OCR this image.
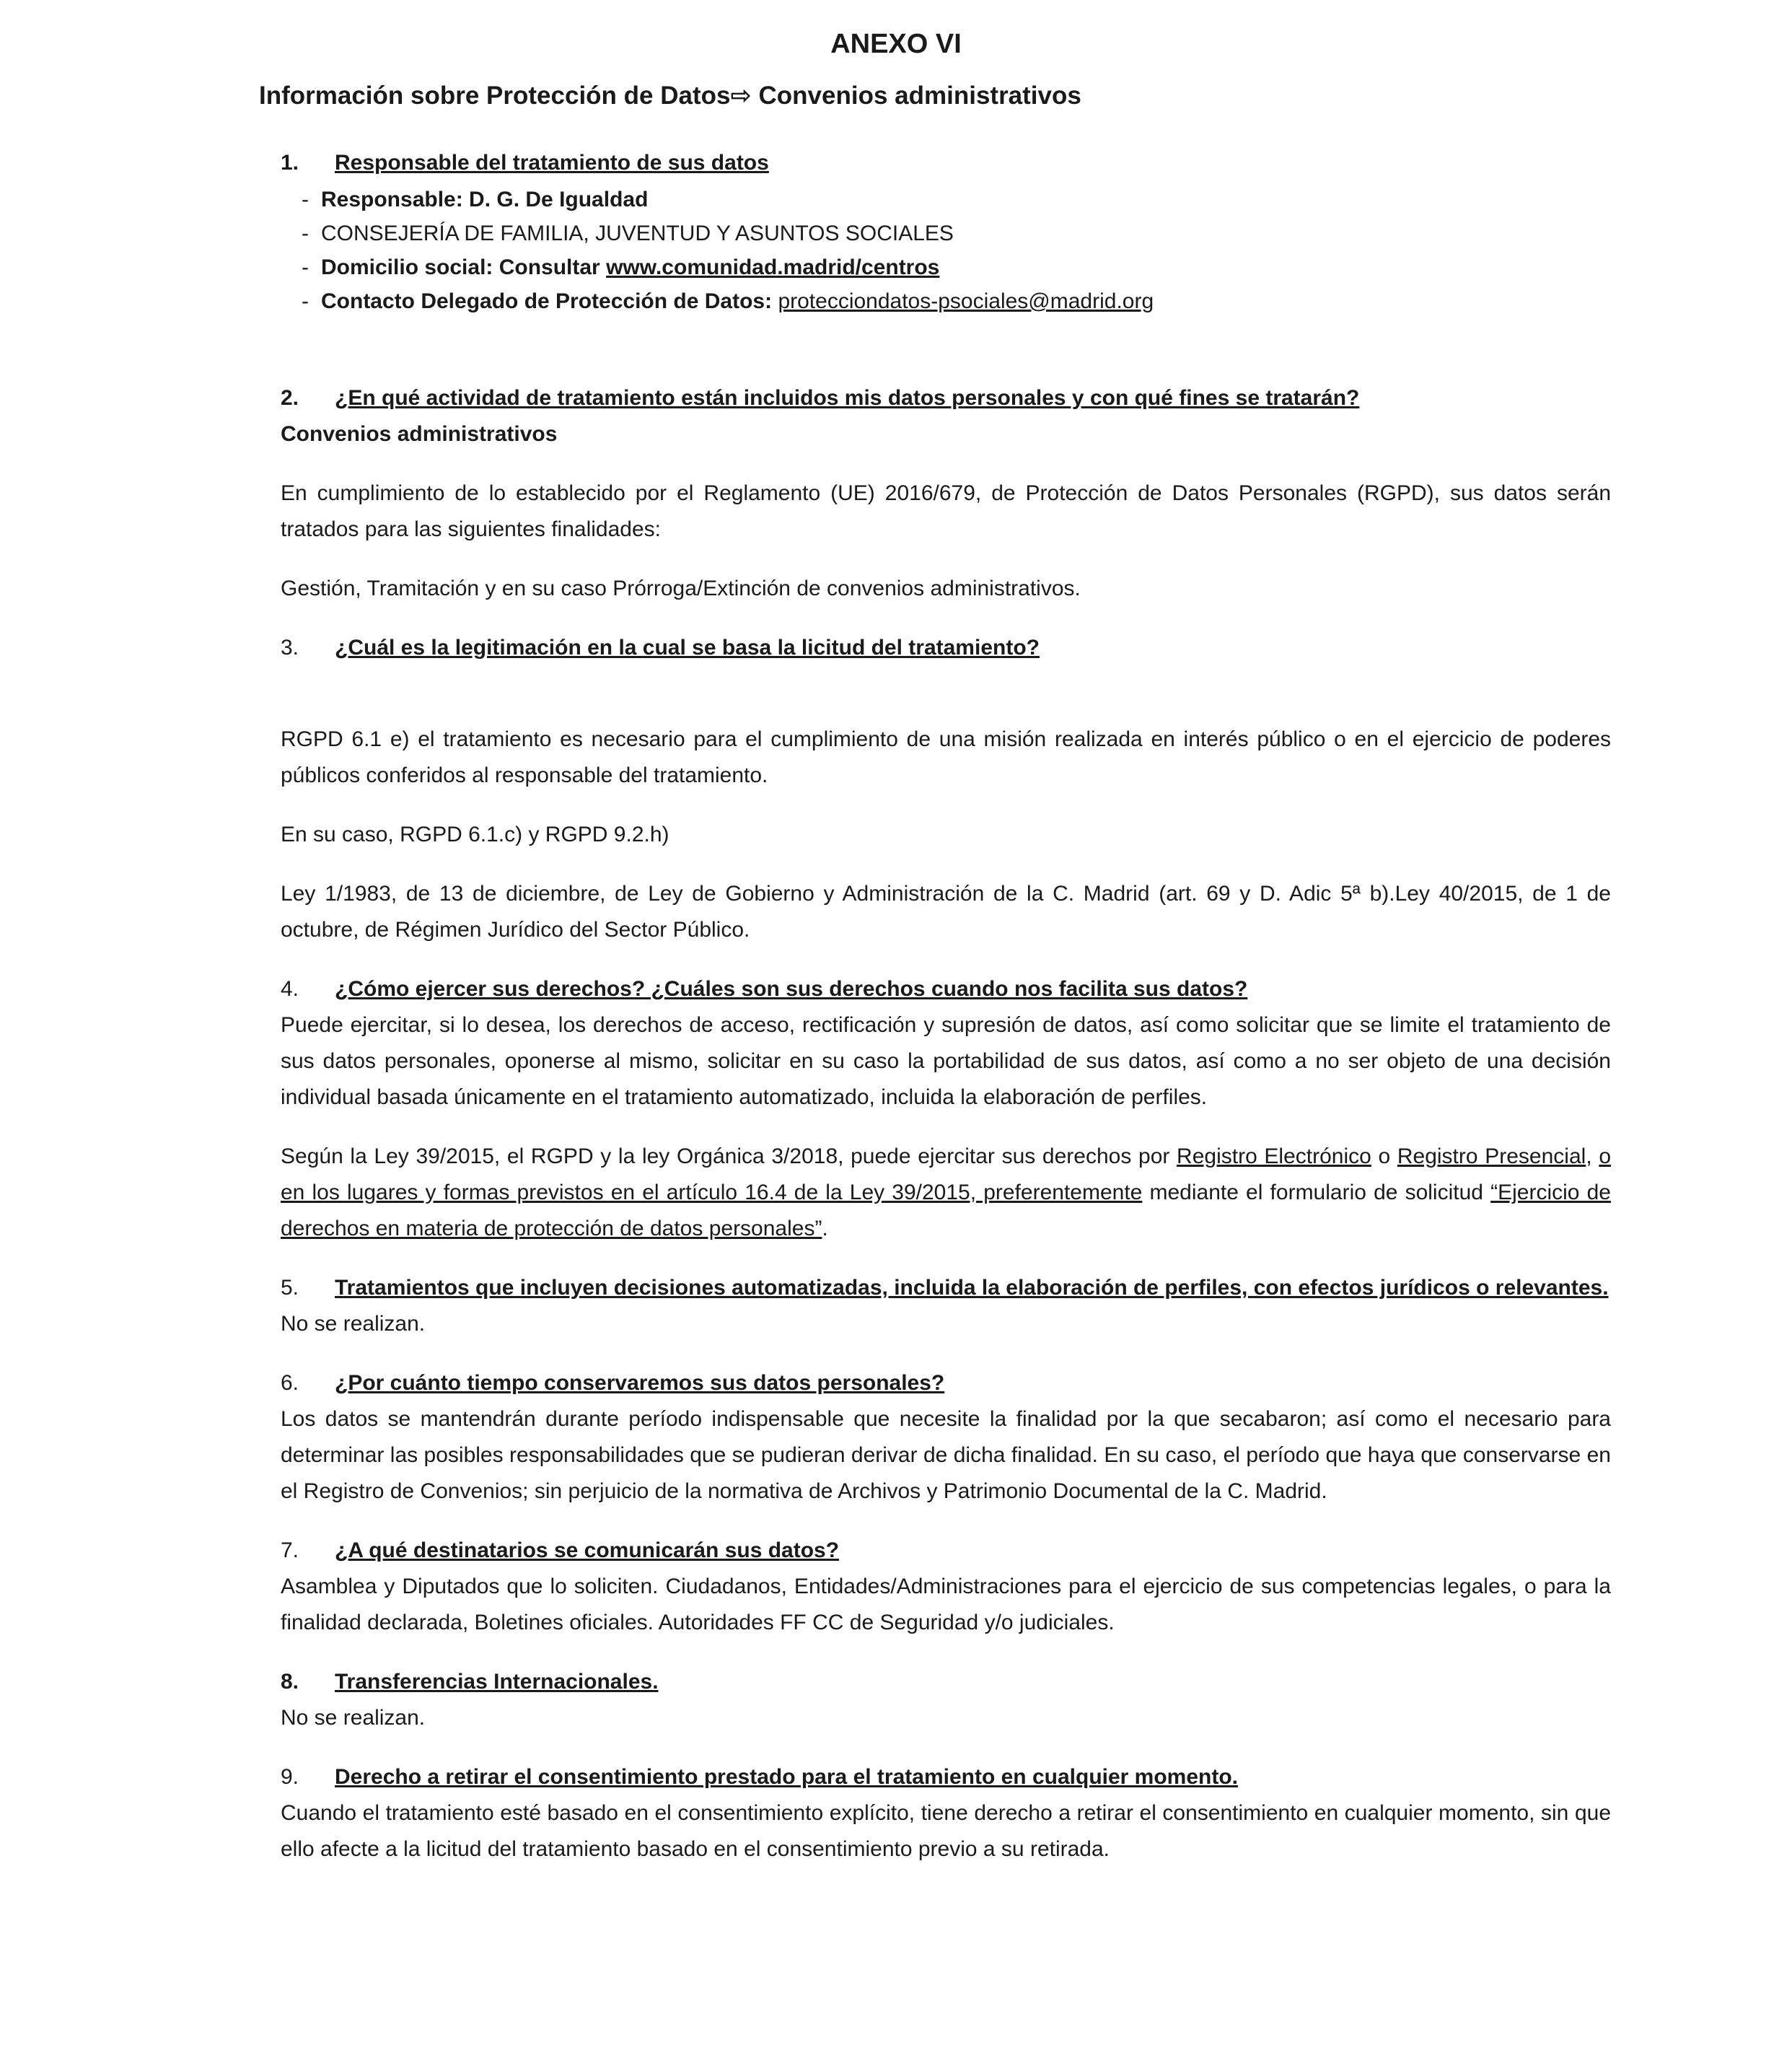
ANEXO VI
Información sobre Protección de Datos⇨ Convenios administrativos
1.	Responsable del tratamiento de sus datos
- Responsable: D. G. De Igualdad
- CONSEJERÍA DE FAMILIA, JUVENTUD Y ASUNTOS SOCIALES
- Domicilio social: Consultar www.comunidad.madrid/centros
- Contacto Delegado de Protección de Datos: protecciondatos-psociales@madrid.org
2.	¿En qué actividad de tratamiento están incluidos mis datos personales y con qué fines se tratarán?
Convenios administrativos

En cumplimiento de lo establecido por el Reglamento (UE) 2016/679, de Protección de Datos Personales (RGPD), sus datos serán tratados para las siguientes finalidades:

Gestión, Tramitación y en su caso Prórroga/Extinción de convenios administrativos.

3.	¿Cuál es la legitimación en la cual se basa la licitud del tratamiento?

RGPD 6.1 e) el tratamiento es necesario para el cumplimiento de una misión realizada en interés público o en el ejercicio de poderes públicos conferidos al responsable del tratamiento.

En su caso, RGPD 6.1.c) y RGPD 9.2.h)

Ley 1/1983, de 13 de diciembre, de Ley de Gobierno y Administración de la C. Madrid (art. 69 y D. Adic 5ª b).Ley 40/2015, de 1 de octubre, de Régimen Jurídico del Sector Público.

4.	¿Cómo ejercer sus derechos? ¿Cuáles son sus derechos cuando nos facilita sus datos?

Puede ejercitar, si lo desea, los derechos de acceso, rectificación y supresión de datos, así como solicitar que se limite el tratamiento de sus datos personales, oponerse al mismo, solicitar en su caso la portabilidad de sus datos, así como a no ser objeto de una decisión individual basada únicamente en el tratamiento automatizado, incluida la elaboración de perfiles.

Según la Ley 39/2015, el RGPD y la ley Orgánica 3/2018, puede ejercitar sus derechos por Registro Electrónico o Registro Presencial, o en los lugares y formas previstos en el artículo 16.4 de la Ley 39/2015, preferentemente mediante el formulario de solicitud “Ejercicio de derechos en materia de protección de datos personales”.

5.	Tratamientos que incluyen decisiones automatizadas, incluida la elaboración de perfiles, con efectos jurídicos o relevantes.

No se realizan.

6.	¿Por cuánto tiempo conservaremos sus datos personales?

Los datos se mantendrán durante período indispensable que necesite la finalidad por la que secabaron; así como el necesario para determinar las posibles responsabilidades que se pudieran derivar de dicha finalidad. En su caso, el período que haya que conservarse en el Registro de Convenios; sin perjuicio de la normativa de Archivos y Patrimonio Documental de la C. Madrid.

7.	¿A qué destinatarios se comunicarán sus datos?

Asamblea y Diputados que lo soliciten. Ciudadanos, Entidades/Administraciones para el ejercicio de sus competencias legales, o para la finalidad declarada, Boletines oficiales. Autoridades FF CC de Seguridad y/o judiciales.

8.	Transferencias Internacionales.

No se realizan.

9.	Derecho a retirar el consentimiento prestado para el tratamiento en cualquier momento.

Cuando el tratamiento esté basado en el consentimiento explícito, tiene derecho a retirar el consentimiento en cualquier momento, sin que ello afecte a la licitud del tratamiento basado en el consentimiento previo a su retirada.
